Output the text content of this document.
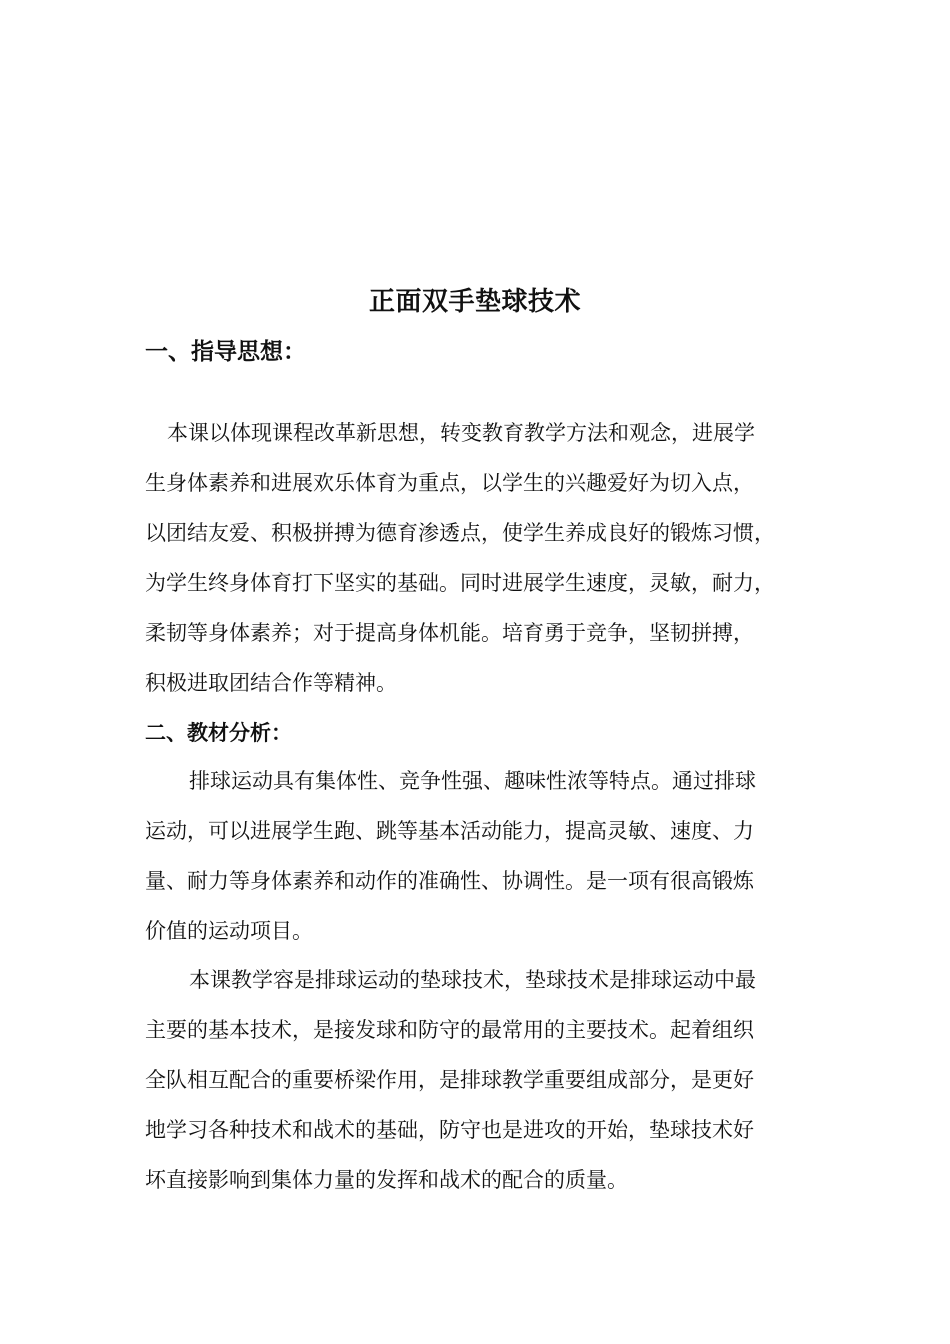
正面双手垫球技术
一、指导思想：
本课以体现课程改革新思想，转变教育教学方法和观念，进展学
生身体素养和进展欢乐体育为重点，以学生的兴趣爱好为切入点，
以团结友爱、积极拼搏为德育渗透点，使学生养成良好的锻炼习惯，
为学生终身体育打下坚实的基础。同时进展学生速度，灵敏，耐力，
柔韧等身体素养；对于提高身体机能。培育勇于竞争，坚韧拼搏，
积极进取团结合作等精神。
二、教材分析：
排球运动具有集体性、竞争性强、趣味性浓等特点。通过排球
运动，可以进展学生跑、跳等基本活动能力，提高灵敏、速度、力
量、耐力等身体素养和动作的准确性、协调性。是一项有很高锻炼
价值的运动项目。
本课教学容是排球运动的垫球技术，垫球技术是排球运动中最
主要的基本技术，是接发球和防守的最常用的主要技术。起着组织
全队相互配合的重要桥梁作用，是排球教学重要组成部分，是更好
地学习各种技术和战术的基础，防守也是进攻的开始，垫球技术好
坏直接影响到集体力量的发挥和战术的配合的质量。
